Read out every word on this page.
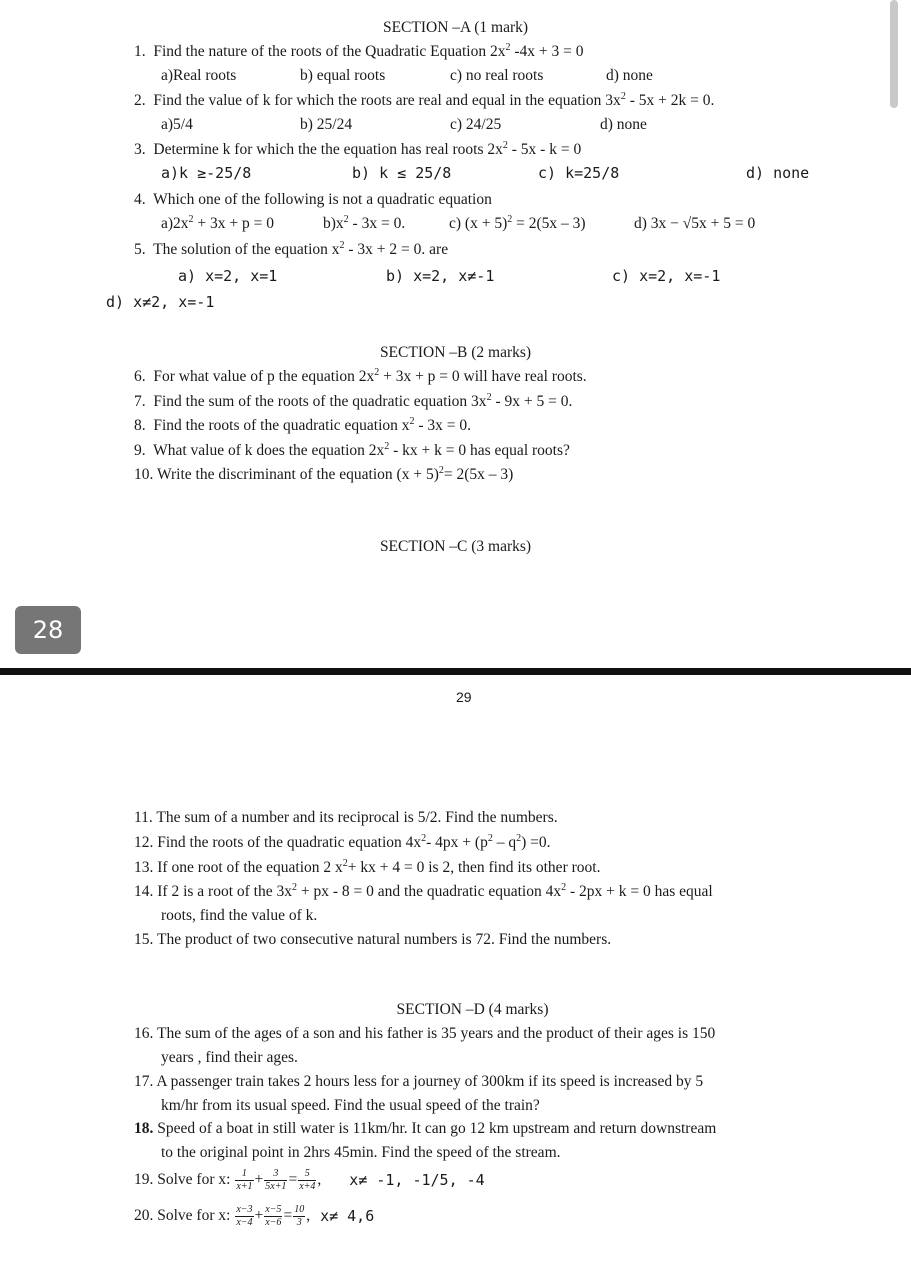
SECTION –A (1 mark)
1. Find the nature of the roots of the Quadratic Equation $2x^2$ -4x + 3 = 0
a)Real roots	b) equal roots	c) no real roots	d) none
2. Find the value of k for which the roots are real and equal in the equation $3x^2 - 5x + 2k = 0$.
a)5/4	b) 25/24	c) 24/25	d) none
3. Determine k for which the the equation has real roots $2x^2 - 5x - k = 0$
a)k ≥-25/8	b) k ≤ 25/8	c) k=25/8	d) none
4. Which one of the following is not a quadratic equation
$a)2x^2 + 3x + p = 0$	$b)x^2 - 3x = 0$.	c) $(x + 5)^2 = 2(5x - 3)$	d) 3x − √5x + 5 = 0
5. The solution of the equation $x^2 - 3x + 2 = 0$. are
a) x=2, x=1	b) x=2, x≠-1	c) x=2, x=-1
d) x≠2, x=-1
SECTION –B (2 marks)
6. For what value of p the equation $2x^2 + 3x + p = 0$ will have real roots.
7. Find the sum of the roots of the quadratic equation $3x^2 - 9x + 5 = 0$.
8. Find the roots of the quadratic equation $x^2 - 3x = 0$.
9. What value of k does the equation $2x^2$ - kx + k = 0 has equal roots?
10. Write the discriminant of the equation $(x + 5)^2= 2(5x - 3)$
SECTION –C (3 marks)
28
29
11. The sum of a number and its reciprocal is 5/2. Find the numbers.
12. Find the roots of the quadratic equation $4x^2-$ $4px + (p^2 - q^2) =0$.
13. If one root of the equation 2 $x^2+$ kx + 4 = 0 is 2, then find its other root.
14. If 2 is a root of the $3x^2$ + px - 8 = 0 and the quadratic equation $4x^2 - 2px + k = 0$ has equal
roots, find the value of k.
15. The product of two consecutive natural numbers is 72. Find the numbers.
SECTION –D (4 marks)
16. The sum of the ages of a son and his father is 35 years and the product of their ages is 150
years , find their ages.
17. A passenger train takes 2 hours less for a journey of 300km if its speed is increased by 5
km/hr from its usual speed. Find the usual speed of the train?
18. Speed of a boat in still water is 11km/hr. It can go 12 km upstream and return downstream
to the original point in 2hrs 45min. Find the speed of the stream.
19.
Solve for x:
$\frac{1}{x+1} + \frac{3}{5x+1} = \frac{5}{x+4}$ , x≠ -1, -1/5, -4
20.
Solve for x:
$\frac{x-3}{x-4} + \frac{x-5}{x-6} = \frac{10}{3}$ , x≠ 4,6
